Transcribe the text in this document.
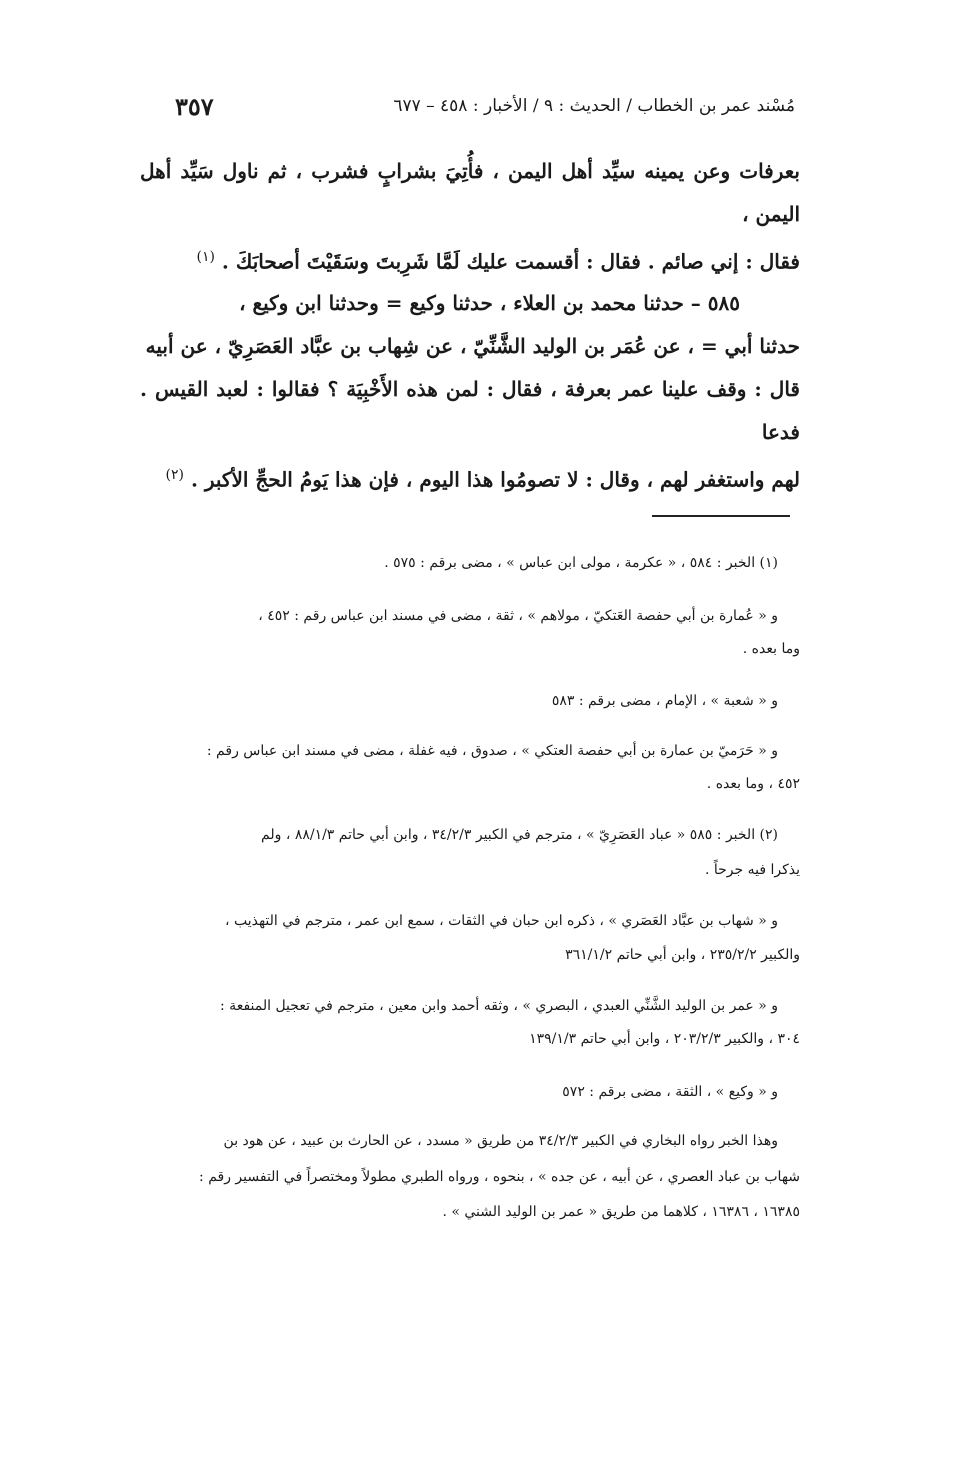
مُسْند عمر بن الخطاب / الحديث : ٩ / الأخبار : ٤٥٨ – ٦٧٧
٣٥٧

بعرفات وعن يمينه سيِّد أهل اليمن ، فأُتِيَ بشرابٍ فشرب ، ثم ناول سَيِّد أهل اليمن ،

فقال : إني صائم . فقال : أقسمت عليك لَمَّا شَرِبتَ وسَقَيْتَ أصحابَكَ . $^{(١)}$

٥٨٥ – حدثنا محمد بن العلاء ، حدثنا وكيع = وحدثنا ابن وكيع ،

حدثنا أبي = ، عن عُمَر بن الوليد الشَّنِّيّ ، عن شِهاب بن عبَّاد العَصَرِيّ ، عن أبيه

قال : وقف علينا عمر بعرفة ، فقال : لمن هذه الأَخْبِيَة ؟ فقالوا : لعبد القيس . فدعا

لهم واستغفر لهم ، وقال : لا تصومُوا هذا اليوم ، فإن هذا يَومُ الحجِّ الأكبر . $^{(٢)}$

(١) الخبر : ٥٨٤ ، « عكرمة ، مولى ابن عباس » ، مضى برقم : ٥٧٥ .

و « عُمارة بن أبي حفصة العَتكيّ ، مولاهم » ، ثقة ، مضى في مسند ابن عباس رقم : ٤٥٢ ،

وما بعده .

و « شعبة » ، الإمام ، مضى برقم : ٥٨٣

و « حَرَميّ بن عمارة بن أبي حفصة العتكي » ، صدوق ، فيه غفلة ، مضى في مسند ابن عباس رقم :

٤٥٢ ، وما بعده .

(٢) الخبر : ٥٨٥ « عباد العَصَرِيّ » ، مترجم في الكبير ٣٤/٢/٣ ، وابن أبي حاتم ٨٨/١/٣ ، ولم

يذكرا فيه جرحاً .

و « شهاب بن عبَّاد العَصَري » ، ذكره ابن حبان في الثقات ، سمع ابن عمر ، مترجم في التهذيب ،

والكبير ٢٣٥/٢/٢ ، وابن أبي حاتم ٣٦١/١/٢

و « عمر بن الوليد الشَّنِّي العبدي ، البصري » ، وثقه أحمد وابن معين ، مترجم في تعجيل المنفعة :

٣٠٤ ، والكبير ٢٠٣/٢/٣ ، وابن أبي حاتم ١٣٩/١/٣

و « وكيع » ، الثقة ، مضى برقم : ٥٧٢

وهذا الخبر رواه البخاري في الكبير ٣٤/٢/٣ من طريق « مسدد ، عن الحارث بن عبيد ، عن هود بن

شهاب بن عباد العصري ، عن أبيه ، عن جده » ، بنحوه ، ورواه الطبري مطولاً ومختصراً في التفسير رقم :

١٦٣٨٥ ، ١٦٣٨٦ ، كلاهما من طريق « عمر بن الوليد الشني » .
